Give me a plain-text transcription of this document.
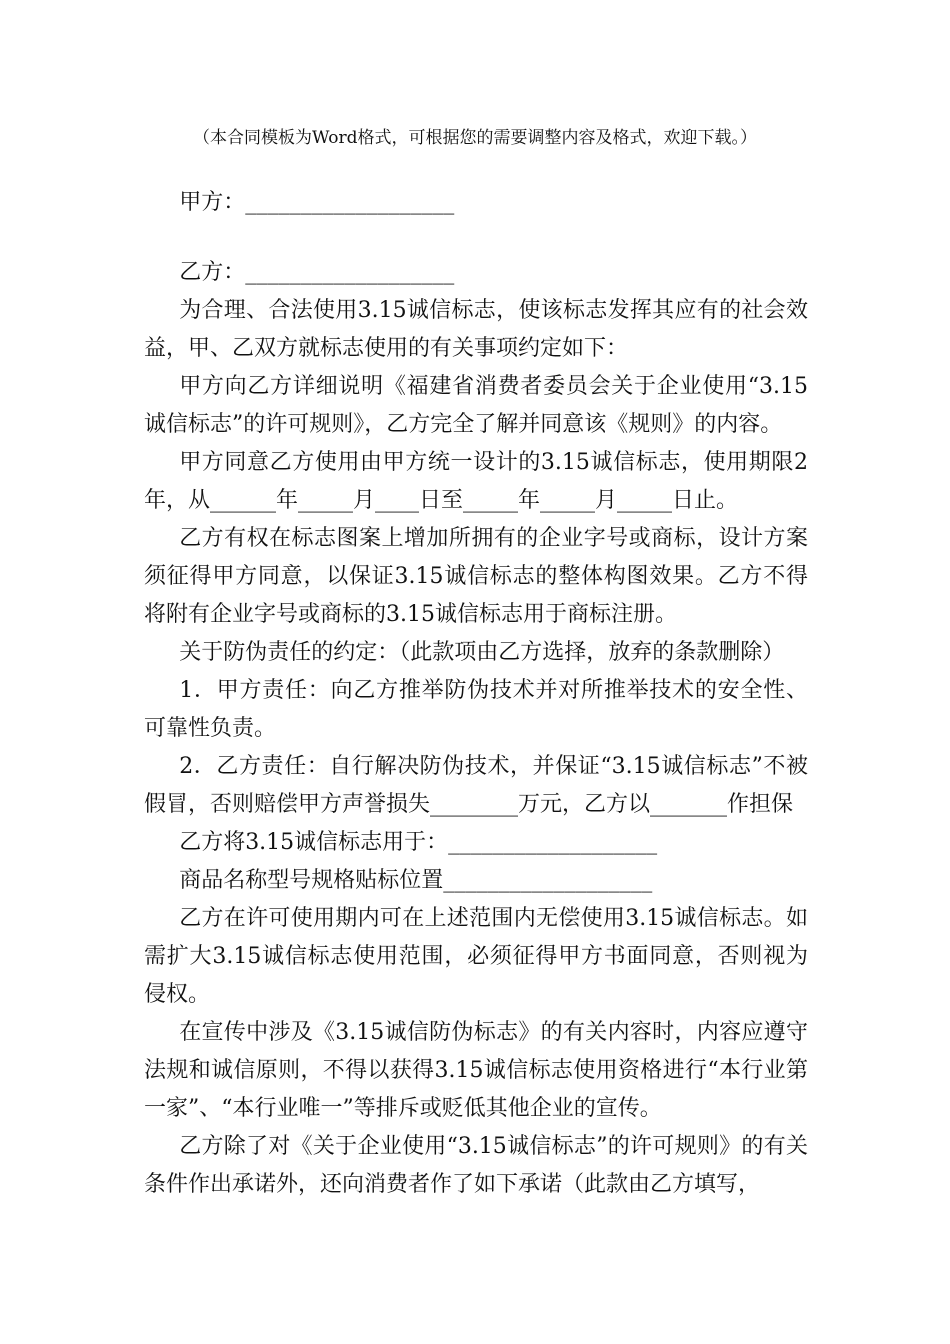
（本合同模板为Word格式，可根据您的需要调整内容及格式，欢迎下载。）

甲方：___________________

乙方：___________________

为合理、合法使用3.15诚信标志，使该标志发挥其应有的社会效益，甲、乙双方就标志使用的有关事项约定如下：

甲方向乙方详细说明《福建省消费者委员会关于企业使用“3.15诚信标志”的许可规则》，乙方完全了解并同意该《规则》的内容。

甲方同意乙方使用由甲方统一设计的3.15诚信标志，使用期限2年，从______年_____月____日至_____年_____月_____日止。

乙方有权在标志图案上增加所拥有的企业字号或商标，设计方案须征得甲方同意，以保证3.15诚信标志的整体构图效果。乙方不得将附有企业字号或商标的3.15诚信标志用于商标注册。

关于防伪责任的约定：（此款项由乙方选择，放弃的条款删除）

1．甲方责任：向乙方推举防伪技术并对所推举技术的安全性、可靠性负责。

2．乙方责任：自行解决防伪技术，并保证“3.15诚信标志”不被假冒，否则赔偿甲方声誉损失________万元，乙方以_______作担保

乙方将3.15诚信标志用于：___________________

商品名称型号规格贴标位置___________________

乙方在许可使用期内可在上述范围内无偿使用3.15诚信标志。如需扩大3.15诚信标志使用范围，必须征得甲方书面同意，否则视为侵权。

在宣传中涉及《3.15诚信防伪标志》的有关内容时，内容应遵守法规和诚信原则，不得以获得3.15诚信标志使用资格进行“本行业第一家”、“本行业唯一”等排斥或贬低其他企业的宣传。

乙方除了对《关于企业使用“3.15诚信标志”的许可规则》的有关条件作出承诺外，还向消费者作了如下承诺（此款由乙方填写，
